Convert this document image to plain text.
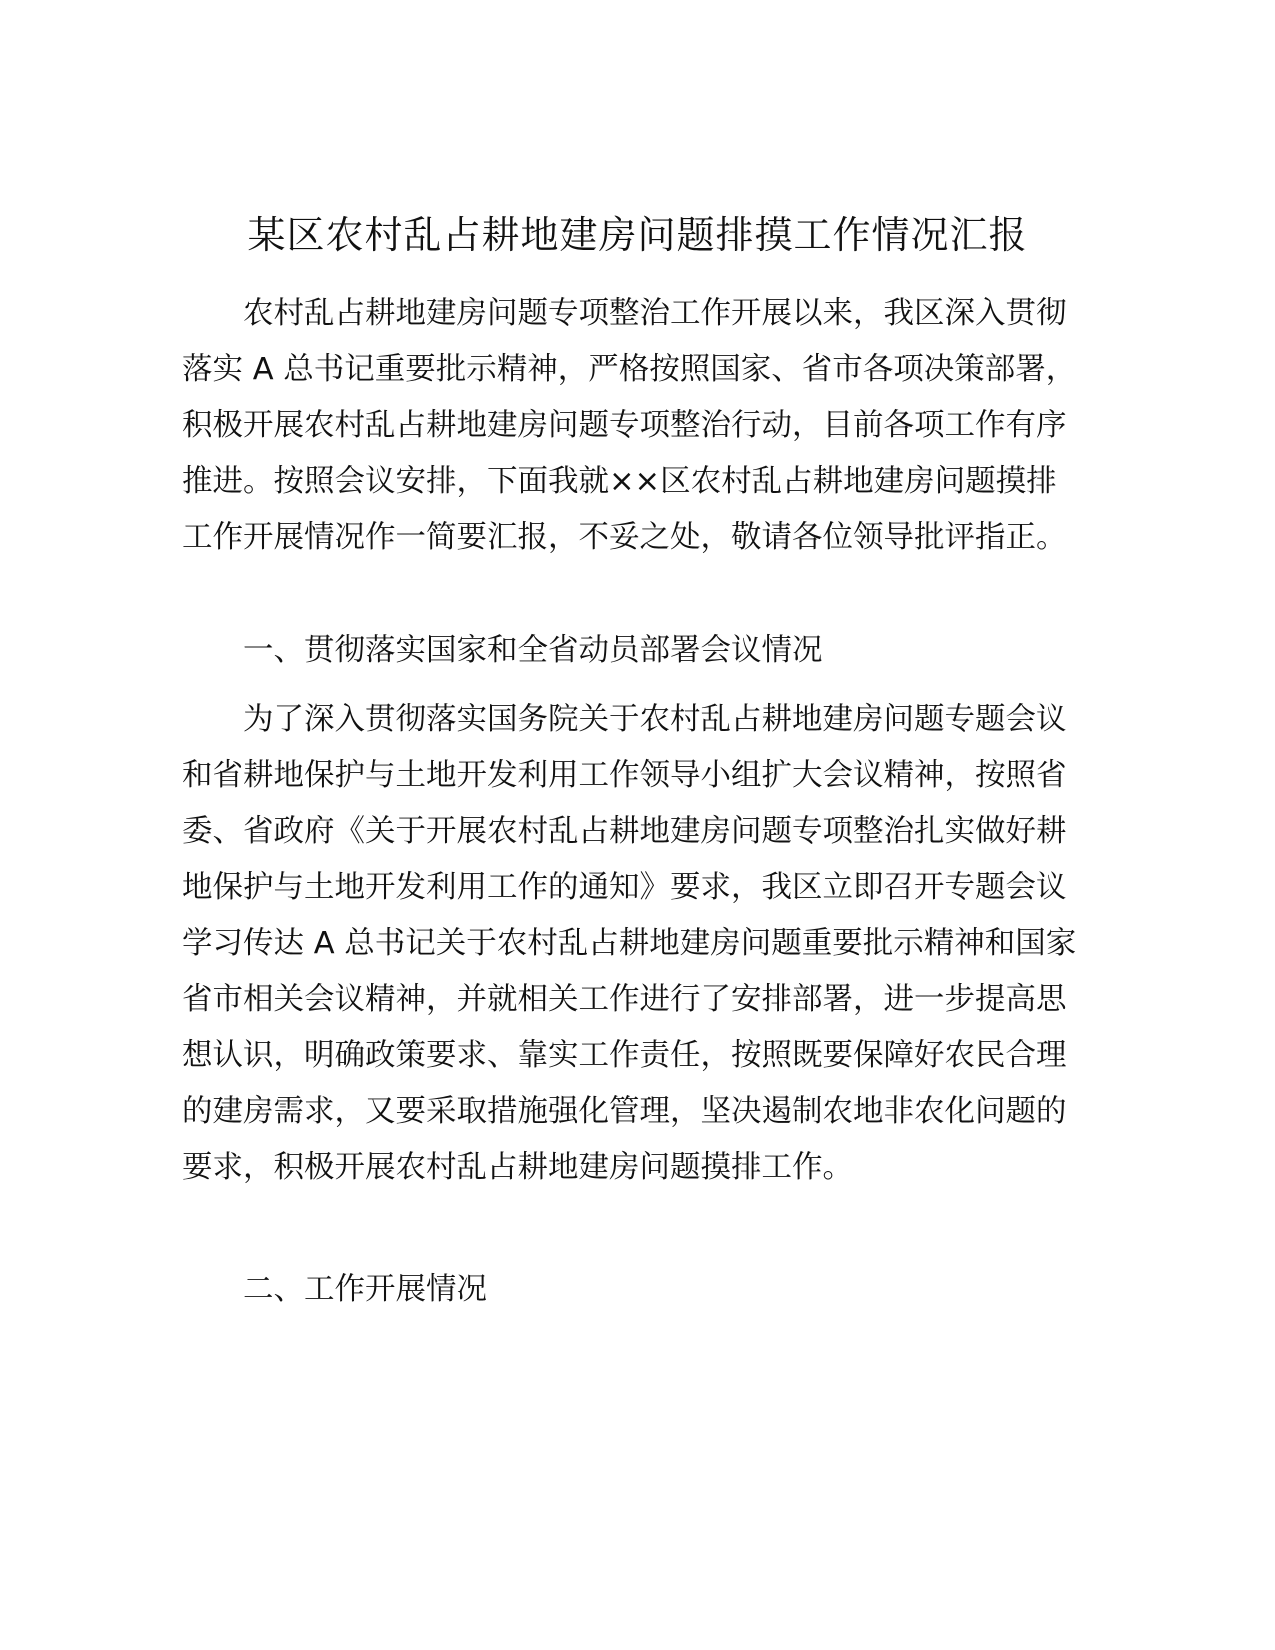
某区农村乱占耕地建房问题排摸工作情况汇报

农村乱占耕地建房问题专项整治工作开展以来，我区深入贯彻落实 A 总书记重要批示精神，严格按照国家、省市各项决策部署，积极开展农村乱占耕地建房问题专项整治行动，目前各项工作有序推进。按照会议安排，下面我就××区农村乱占耕地建房问题摸排工作开展情况作一简要汇报，不妥之处，敬请各位领导批评指正。

一、贯彻落实国家和全省动员部署会议情况

为了深入贯彻落实国务院关于农村乱占耕地建房问题专题会议和省耕地保护与土地开发利用工作领导小组扩大会议精神，按照省委、省政府《关于开展农村乱占耕地建房问题专项整治扎实做好耕地保护与土地开发利用工作的通知》要求，我区立即召开专题会议学习传达 A 总书记关于农村乱占耕地建房问题重要批示精神和国家省市相关会议精神，并就相关工作进行了安排部署，进一步提高思想认识，明确政策要求、靠实工作责任，按照既要保障好农民合理的建房需求，又要采取措施强化管理，坚决遏制农地非农化问题的要求，积极开展农村乱占耕地建房问题摸排工作。

二、工作开展情况
